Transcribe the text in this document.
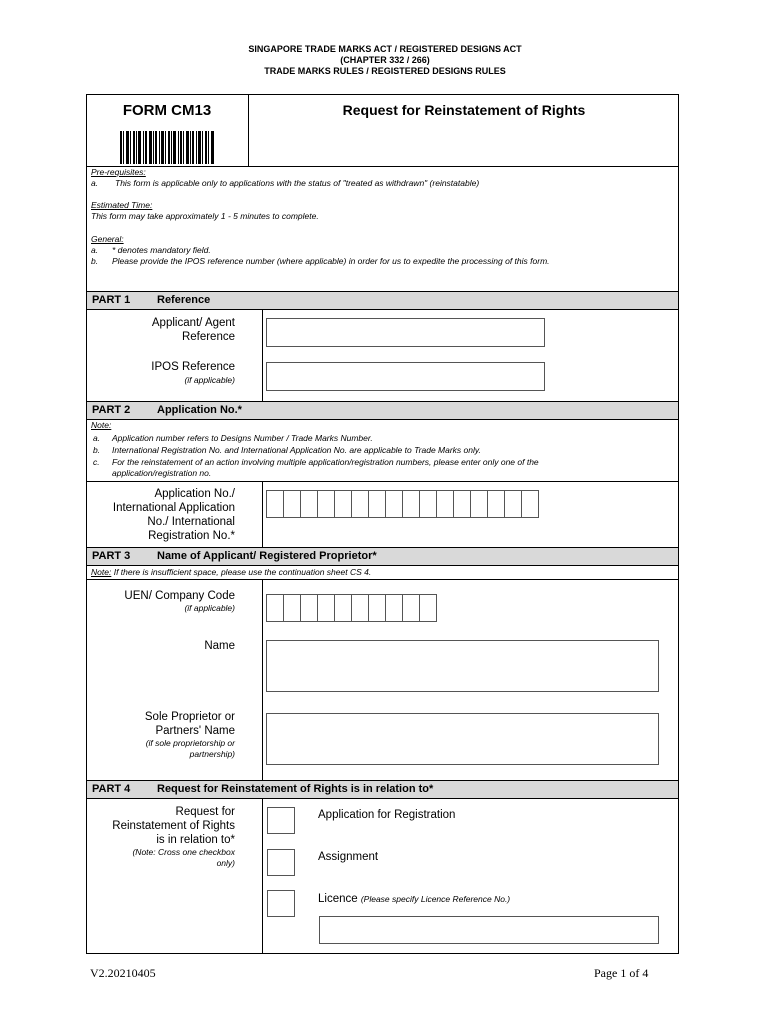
SINGAPORE TRADE MARKS ACT / REGISTERED DESIGNS ACT
(CHAPTER 332 / 266)
TRADE MARKS RULES / REGISTERED DESIGNS RULES
FORM CM13	Request for Reinstatement of Rights
Pre-requisites:
a. This form is applicable only to applications with the status of "treated as withdrawn" (reinstatable)
Estimated Time:
This form may take approximately 1 - 5 minutes to complete.
General:
a. * denotes mandatory field.
b. Please provide the IPOS reference number (where applicable) in order for us to expedite the processing of this form.
PART 1 Reference
Applicant/ Agent
Reference
IPOS Reference
(if applicable)
PART 2 Application No.*
Note:
a. Application number refers to Designs Number / Trade Marks Number.
b. International Registration No. and International Application No. are applicable to Trade Marks only.
c. For the reinstatement of an action involving multiple application/registration numbers, please enter only one of the
application/registration no.
Application No./
International Application
No./ International
Registration No.*
PART 3 Name of Applicant/ Registered Proprietor*
Note: If there is insufficient space, please use the continuation sheet CS 4.
UEN/ Company Code
(if applicable)
Name
Sole Proprietor or
Partners' Name
(if sole proprietorship or
partnership)
PART 4 Request for Reinstatement of Rights is in relation to*
Request for
Reinstatement of Rights
is in relation to*
(Note: Cross one checkbox
only)
Application for Registration
Assignment
Licence (Please specify Licence Reference No.)
V2.20210405	Page 1 of 4
